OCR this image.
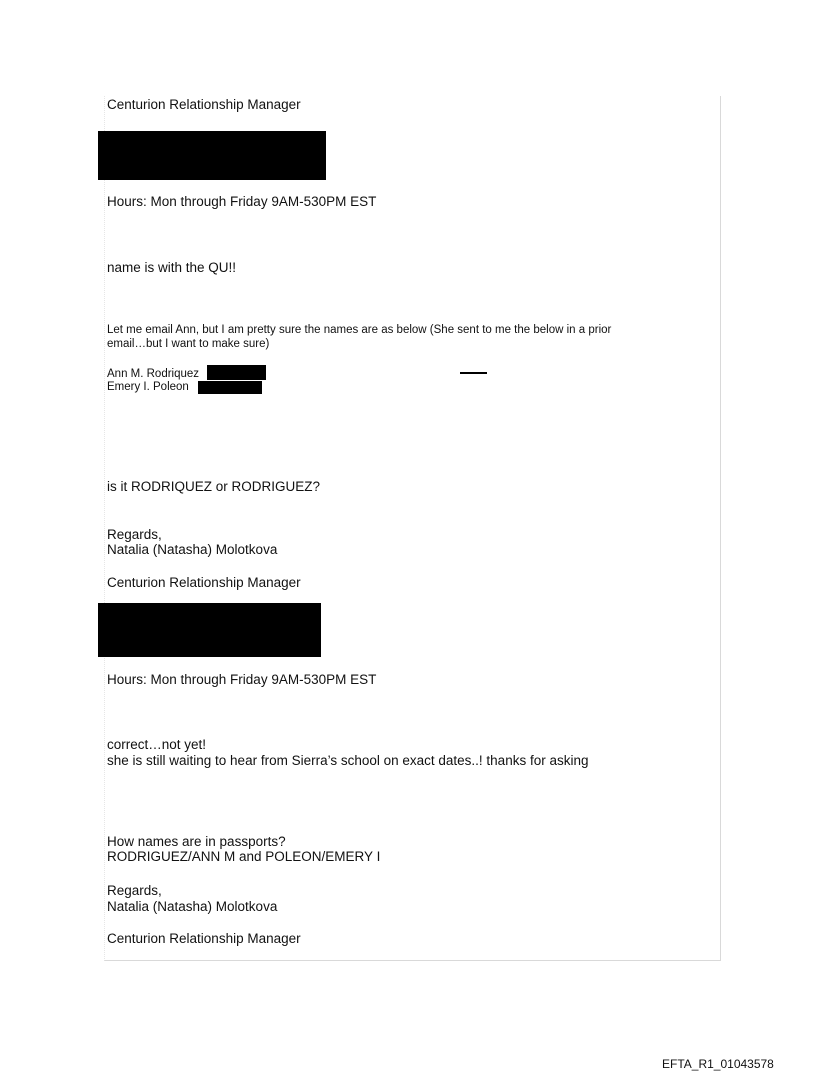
Centurion Relationship Manager
Hours: Mon through Friday 9AM-530PM EST
name is with the QU!!
Let me email Ann, but I am pretty sure the names are as below (She sent to me the below in a prior
email…but I want to make sure)
Ann M. Rodriquez
Emery I. Poleon
is it RODRIQUEZ or RODRIGUEZ?
Regards,
Natalia (Natasha) Molotkova
Centurion Relationship Manager
Hours: Mon through Friday 9AM-530PM EST
correct…not yet!
she is still waiting to hear from Sierra’s school on exact dates..! thanks for asking
How names are in passports?
RODRIGUEZ/ANN M and POLEON/EMERY I
Regards,
Natalia (Natasha) Molotkova
Centurion Relationship Manager
EFTA_R1_01043578
